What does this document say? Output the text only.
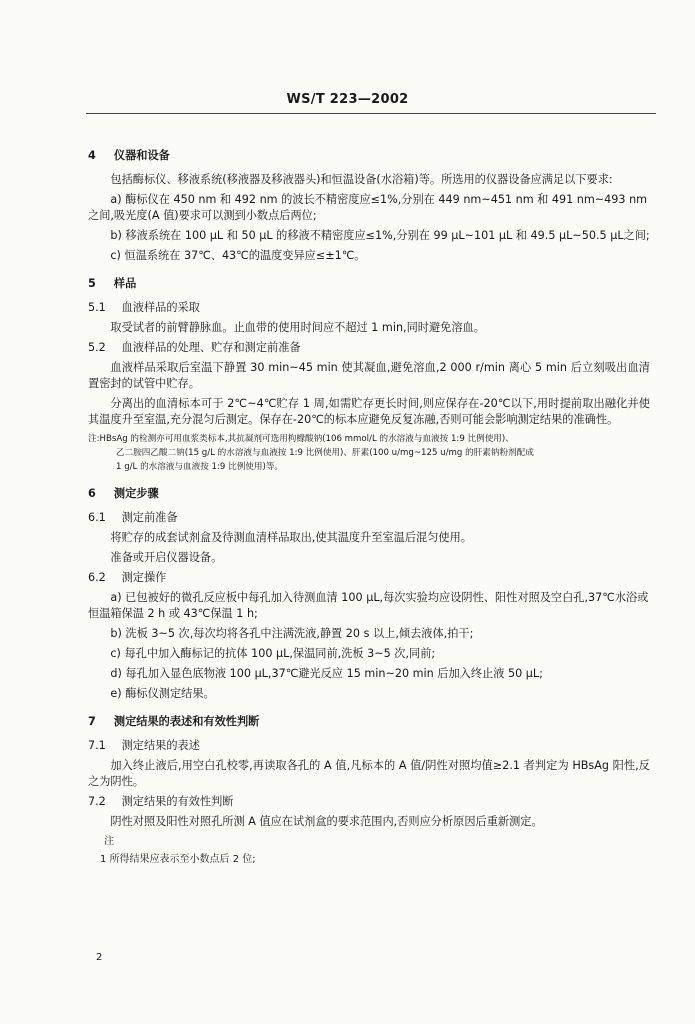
WS/T 223—2002
4 仪器和设备
包括酶标仪、移液系统(移液器及移液器头)和恒温设备(水浴箱)等。所选用的仪器设备应满足以下要求:
a) 酶标仪在 450 nm 和 492 nm 的波长不精密度应≤1%,分别在 449 nm~451 nm 和 491 nm~493 nm之间,吸光度(A 值)要求可以测到小数点后两位;
b) 移液系统在 100 μL 和 50 μL 的移液不精密度应≤1%,分别在 99 μL~101 μL 和 49.5 μL~50.5 μL之间;
c) 恒温系统在 37℃、43℃的温度变异应≤±1℃。
5 样品
5.1 血液样品的采取
取受试者的前臂静脉血。止血带的使用时间应不超过 1 min,同时避免溶血。
5.2 血液样品的处理、贮存和测定前准备
血液样品采取后室温下静置 30 min~45 min 使其凝血,避免溶血,2 000 r/min 离心 5 min 后立刻吸出血清置密封的试管中贮存。
分离出的血清标本可于 2℃~4℃贮存 1 周,如需贮存更长时间,则应保存在-20℃以下,用时提前取出融化并使其温度升至室温,充分混匀后测定。保存在-20℃的标本应避免反复冻融,否则可能会影响测定结果的准确性。
注:HBsAg 的检测亦可用血浆类标本,其抗凝剂可选用枸橼酸钠(106 mmol/L 的水溶液与血液按 1:9 比例使用)、
乙二胺四乙酸二钠(15 g/L 的水溶液与血液按 1:9 比例使用)、肝素(100 u/mg~125 u/mg 的肝素钠粉剂配成
1 g/L 的水溶液与血液按 1:9 比例使用)等。
6 测定步骤
6.1 测定前准备
将贮存的成套试剂盒及待测血清样品取出,使其温度升至室温后混匀使用。
准备或开启仪器设备。
6.2 测定操作
a) 已包被好的微孔反应板中每孔加入待测血清 100 μL,每次实验均应设阴性、阳性对照及空白孔,37℃水浴或恒温箱保温 2 h 或 43℃保温 1 h;
b) 洗板 3~5 次,每次均将各孔中注满洗液,静置 20 s 以上,倾去液体,拍干;
c) 每孔中加入酶标记的抗体 100 μL,保温同前,洗板 3~5 次,同前;
d) 每孔加入显色底物液 100 μL,37℃避光反应 15 min~20 min 后加入终止液 50 μL;
e) 酶标仪测定结果。
7 测定结果的表述和有效性判断
7.1 测定结果的表述
加入终止液后,用空白孔校零,再读取各孔的 A 值,凡标本的 A 值/阴性对照均值≥2.1 者判定为 HBsAg 阳性,反之为阴性。
7.2 测定结果的有效性判断
阴性对照及阳性对照孔所测 A 值应在试剂盒的要求范围内,否则应分析原因后重新测定。
注
1 所得结果应表示至小数点后 2 位;
2
